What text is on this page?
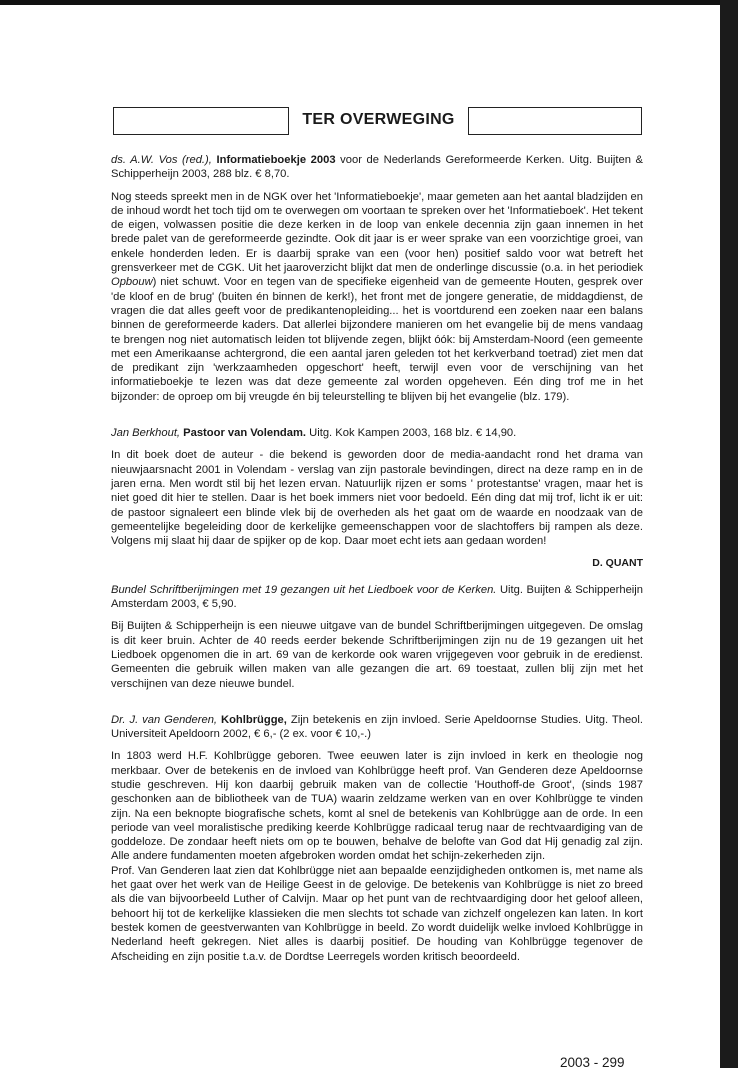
TER OVERWEGING

ds. A.W. Vos (red.), Informatieboekje 2003 voor de Nederlands Gereformeerde Kerken. Uitg. Buijten & Schipperheijn 2003, 288 blz. € 8,70.

Nog steeds spreekt men in de NGK over het 'Informatieboekje', maar gemeten aan het aantal bladzijden en de inhoud wordt het toch tijd om te overwegen om voortaan te spreken over het 'Informatieboek'. Het tekent de eigen, volwassen positie die deze kerken in de loop van enkele decennia zijn gaan innemen in het brede palet van de gereformeerde gezindte. Ook dit jaar is er weer sprake van een voorzichtige groei, van enkele honderden leden. Er is daarbij sprake van een (voor hen) positief saldo voor wat betreft het grensverkeer met de CGK. Uit het jaaroverzicht blijkt dat men de onderlinge discussie (o.a. in het periodiek Opbouw) niet schuwt. Voor en tegen van de specifieke eigenheid van de gemeente Houten, gesprek over 'de kloof en de brug' (buiten én binnen de kerk!), het front met de jongere generatie, de middagdienst, de vragen die dat alles geeft voor de predikantenopleiding... het is voortdurend een zoeken naar een balans binnen de gereformeerde kaders. Dat allerlei bijzondere manieren om het evangelie bij de mens vandaag te brengen nog niet automatisch leiden tot blijvende zegen, blijkt óók: bij Amsterdam-Noord (een gemeente met een Amerikaanse achtergrond, die een aantal jaren geleden tot het kerkverband toetrad) ziet men dat de predikant zijn 'werkzaamheden opgeschort' heeft, terwijl even voor de verschijning van het informatieboekje te lezen was dat deze gemeente zal worden opgeheven. Eén ding trof me in het bijzonder: de oproep om bij vreugde én bij teleurstelling te blijven bij het evangelie (blz. 179).

Jan Berkhout, Pastoor van Volendam. Uitg. Kok Kampen 2003, 168 blz. € 14,90.

In dit boek doet de auteur - die bekend is geworden door de media-aandacht rond het drama van nieuwjaarsnacht 2001 in Volendam - verslag van zijn pastorale bevindingen, direct na deze ramp en in de jaren erna. Men wordt stil bij het lezen ervan. Natuurlijk rijzen er soms ' protestantse' vragen, maar het is niet goed dit hier te stellen. Daar is het boek immers niet voor bedoeld. Eén ding dat mij trof, licht ik er uit: de pastoor signaleert een blinde vlek bij de overheden als het gaat om de waarde en noodzaak van de gemeentelijke begeleiding door de kerkelijke gemeenschappen voor de slachtoffers bij rampen als deze. Volgens mij slaat hij daar de spijker op de kop. Daar moet echt iets aan gedaan worden!

D. QUANT

Bundel Schriftberijmingen met 19 gezangen uit het Liedboek voor de Kerken. Uitg. Buijten & Schipperheijn Amsterdam 2003, € 5,90.

Bij Buijten & Schipperheijn is een nieuwe uitgave van de bundel Schriftberijmingen uitgegeven. De omslag is dit keer bruin. Achter de 40 reeds eerder bekende Schriftberijmingen zijn nu de 19 gezangen uit het Liedboek opgenomen die in art. 69 van de kerkorde ook waren vrijgegeven voor gebruik in de eredienst. Gemeenten die gebruik willen maken van alle gezangen die art. 69 toestaat, zullen blij zijn met het verschijnen van deze nieuwe bundel.

Dr. J. van Genderen, Kohlbrügge, Zijn betekenis en zijn invloed. Serie Apeldoornse Studies. Uitg. Theol. Universiteit Apeldoorn 2002, € 6,- (2 ex. voor € 10,-.)

In 1803 werd H.F. Kohlbrügge geboren. Twee eeuwen later is zijn invloed in kerk en theologie nog merkbaar. Over de betekenis en de invloed van Kohlbrügge heeft prof. Van Genderen deze Apeldoornse studie geschreven. Hij kon daarbij gebruik maken van de collectie 'Houthoff-de Groot', (sinds 1987 geschonken aan de bibliotheek van de TUA) waarin zeldzame werken van en over Kohlbrügge te vinden zijn. Na een beknopte biografische schets, komt al snel de betekenis van Kohlbrügge aan de orde. In een periode van veel moralistische prediking keerde Kohlbrügge radicaal terug naar de rechtvaardiging van de goddeloze. De zondaar heeft niets om op te bouwen, behalve de belofte van God dat Hij genadig zal zijn. Alle andere fundamenten moeten afgebroken worden omdat het schijn-zekerheden zijn.

Prof. Van Genderen laat zien dat Kohlbrügge niet aan bepaalde eenzijdigheden ontkomen is, met name als het gaat over het werk van de Heilige Geest in de gelovige. De betekenis van Kohlbrügge is niet zo breed als die van bijvoorbeeld Luther of Calvijn. Maar op het punt van de rechtvaardiging door het geloof alleen, behoort hij tot de kerkelijke klassieken die men slechts tot schade van zichzelf ongelezen kan laten. In kort bestek komen de geestverwanten van Kohlbrügge in beeld. Zo wordt duidelijk welke invloed Kohlbrügge in Nederland heeft gekregen. Niet alles is daarbij positief. De houding van Kohlbrügge tegenover de Afscheiding en zijn positie t.a.v. de Dordtse Leerregels worden kritisch beoordeeld.

2003 - 299
